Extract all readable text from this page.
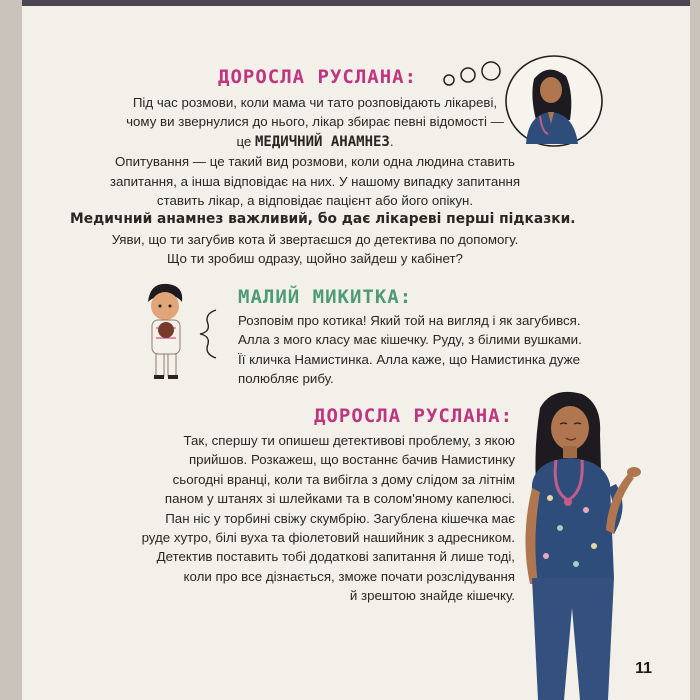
ДОРОСЛА РУСЛАНА:

Під час розмови, коли мама чи тато розповідають лікареві,

чому ви звернулися до нього, лікар збирає певні відомості —

це МЕДИЧНИЙ АНАМНЕЗ.

Опитування — це такий вид розмови, коли одна людина ставить

запитання, а інша відповідає на них. У нашому випадку запитання

ставить лікар, а відповідає пацієнт або його опікун.

Медичний анамнез важливий, бо дає лікареві перші підказки.

Уяви, що ти загубив кота й звертаєшся до детектива по допомогу.

Що ти зробиш одразу, щойно зайдеш у кабінет?

МАЛИЙ МИКИТКА:

Розповім про котика! Який той на вигляд і як загубився.

Алла з мого класу має кішечку. Руду, з білими вушками.

Її кличка Намистинка. Алла каже, що Намистинка дуже

полюбляє рибу.

ДОРОСЛА РУСЛАНА:

Так, спершу ти опишеш детективові проблему, з якою

прийшов. Розкажеш, що востаннє бачив Намистинку

сьогодні вранці, коли та вибігла з дому слідом за літнім

паном у штанях зі шлейками та в солом'яному капелюсі.

Пан ніс у торбині свіжу скумбрію. Загублена кішечка має

руде хутро, білі вуха та фіолетовий нашийник з адресником.

Детектив поставить тобі додаткові запитання й лише тоді,

коли про все дізнається, зможе почати розслідування

й зрештою знайде кішечку.

11
